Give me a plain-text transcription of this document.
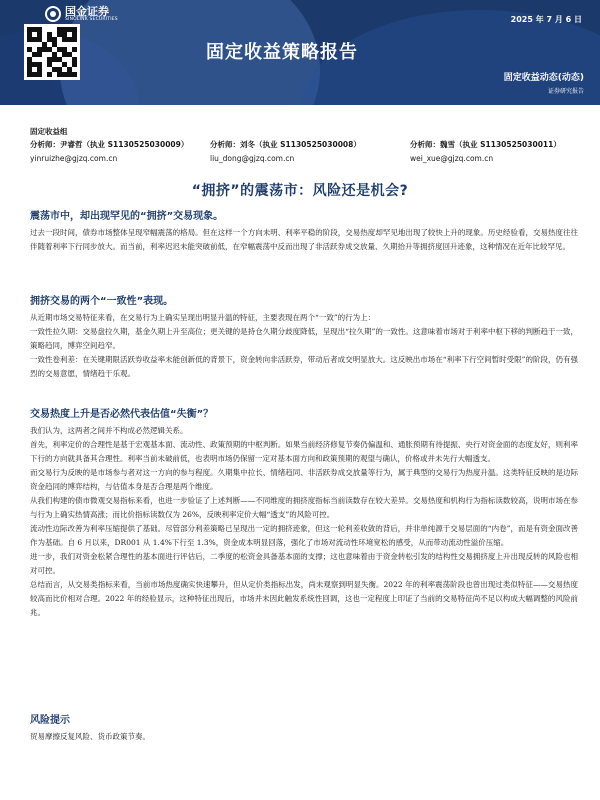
国金证券
SINOLINK SECURITIES	2025 年 7 月 6 日
固定收益策略报告
固定收益动态(动态)
证券研究报告
固定收益组
分析师：尹睿哲（执业 S1130525030009）
yinruizhe@gjzq.com.cn
分析师：刘冬（执业 S1130525030008）
liu_dong@gjzq.com.cn
分析师：魏雪（执业 S1130525030011）
wei_xue@gjzq.com.cn
“拥挤”的震荡市：风险还是机会?
震荡市中，却出现罕见的“拥挤”交易现象。
过去一段时间，债券市场整体呈现窄幅震荡的格局。但在这样一个方向未明、利率平稳的阶段，交易热度却罕见地出现了较快上升的现象。历史经验看，交易热度往往伴随着利率下行同步放大。而当前，利率迟迟未能突破前低，在窄幅震荡中反而出现了非活跃券成交放量、久期抬升等拥挤度回升迹象，这种情况在近年比较罕见。
拥挤交易的两个“一致性”表现。
从近期市场交易特征来看，在交易行为上确实呈现出明显升温的特征，主要表现在两个“一致”的行为上：
一致性拉久期：交易盘拉久期，基金久期上升至高位；更关键的是持仓久期分歧度降低，呈现出“拉久期”的一致性。这意味着市场对于利率中枢下移的判断趋于一致，策略趋同，博弈空间趋窄。
一致性卷利差：在关键期限活跃券收益率未能创新低的背景下，资金转向非活跃券，带动后者成交明显放大。这反映出市场在“利率下行空间暂时受限”的阶段，仍有强烈的交易意愿，情绪趋于乐观。
交易热度上升是否必然代表估值“失衡”？
我们认为，这两者之间并不构成必然逻辑关系。
首先，利率定价的合理性是基于宏观基本面、流动性、政策预期的中枢判断。如果当前经济修复节奏仍偏温和、通胀预期有待提振、央行对资金面的态度友好，则利率下行的方向就具备其合理性。利率当前未破前低，也表明市场仍保留一定对基本面方向和政策预期的观望与确认，价格或并未先行大幅透支。
而交易行为反映的是市场参与者对这一方向的参与程度。久期集中拉长、情绪趋同、非活跃券成交放量等行为，属于典型的交易行为热度升温。这类特征反映的是边际资金趋同的博弈结构，与估值本身是否合理是两个维度。
从我们构建的债市微观交易指标来看，也进一步验证了上述判断——不同维度的拥挤度指标当前读数存在较大差异。交易热度和机构行为指标读数较高，说明市场在参与行为上确实热情高涨；而比价指标读数仅为 26%，反映利率定价大幅“透支”的风险可控。
流动性边际改善为利率压缩提供了基础。尽管部分利差策略已呈现出一定的拥挤迹象，但这一轮利差收敛的背后，并非单纯源于交易层面的“内卷”，而是有资金面改善作为基础。自 6 月以来，DR001 从 1.4%下行至 1.3%，资金成本明显回落，强化了市场对流动性环境宽松的感受，从而带动流动性溢价压缩。
进一步，我们对资金松紧合理性的基本面进行评估后，二季度的松资金具备基本面的支撑；这也意味着由于资金转松引发的结构性交易拥挤度上升出现反转的风险也相对可控。
总结而言，从交易类指标来看，当前市场热度确实快速攀升，但从定价类指标出发，尚未观察到明显失衡。2022 年的利率震荡阶段也曾出现过类似特征——交易热度较高而比价相对合理。2022 年的经验显示，这种特征出现后，市场并未因此触发系统性回调，这也一定程度上印证了当前的交易特征尚不足以构成大幅调整的风险前兆。
风险提示
贸易摩擦反复风险、货币政策节奏。
